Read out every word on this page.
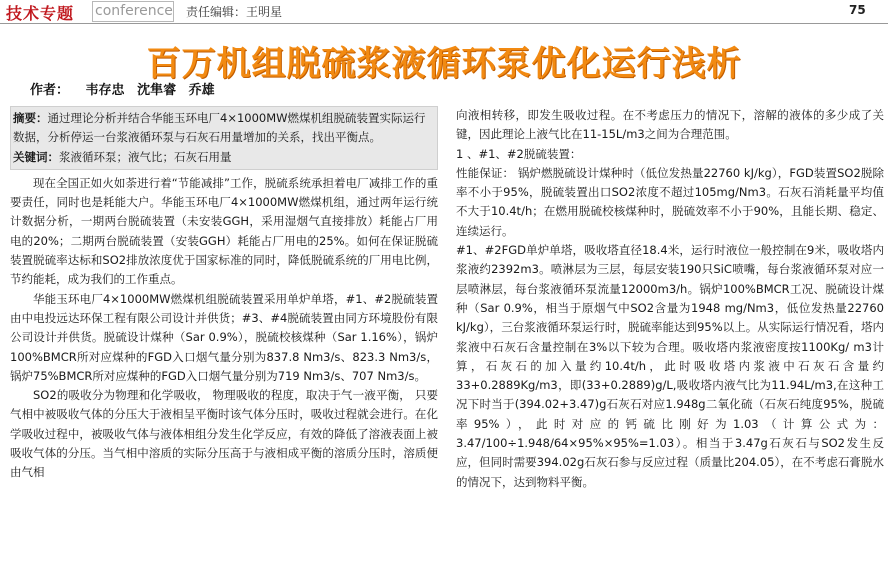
技术专题 conference 责任编辑：王明星	75
百万机组脱硫浆液循环泵优化运行浅析
作者： 韦存忠 沈隼睿 乔雄

摘要：通过理论分析并结合华能玉环电厂4×1000MW燃煤机组脱硫装置实际运行数据，分析停运一台浆液循环泵与石灰石用量增加的关系，找出平衡点。

关键词：浆液循环泵；液气比；石灰石用量

现在全国正如火如荼进行着“节能减排”工作，脱硫系统承担着电厂减排工作的重要责任，同时也是耗能大户。华能玉环电厂4×1000MW燃煤机组，通过两年运行统计数据分析，一期两台脱硫装置（未安装GGH，采用湿烟气直接排放）耗能占厂用电的20%；二期两台脱硫装置（安装GGH）耗能占厂用电的25%。如何在保证脱硫装置脱硫率达标和SO2排放浓度优于国家标准的同时，降低脱硫系统的厂用电比例，节约能耗，成为我们的工作重点。

华能玉环电厂4×1000MW燃煤机组脱硫装置采用单炉单塔，#1、#2脱硫装置由中电投远达环保工程有限公司设计并供货；#3、#4脱硫装置由同方环境股份有限公司设计并供货。脱硫设计煤种（Sar 0.9%），脱硫校核煤种（Sar 1.16%），锅炉100%BMCR所对应煤种的FGD入口烟气量分别为837.8 Nm3/s、823.3 Nm3/s，锅炉75%BMCR所对应煤种的FGD入口烟气量分别为719 Nm3/s、707 Nm3/s。

SO2的吸收分为物理和化学吸收， 物理吸收的程度，取决于气一液平衡， 只要气相中被吸收气体的分压大于液相呈平衡时该气体分压时，吸收过程就会进行。在化学吸收过程中，被吸收气体与液体相组分发生化学反应，有效的降低了溶液表面上被吸收气体的分压。当气相中溶质的实际分压高于与液相成平衡的溶质分压时，溶质便由气相

向液相转移，即发生吸收过程。在不考虑压力的情况下，溶解的液体的多少成了关键，因此理论上液气比在11-15L/m3之间为合理范围。

1 、#1、#2脱硫装置：

性能保证： 锅炉燃脱硫设计煤种时（低位发热量22760 kJ/kg），FGD装置SO2脱除率不小于95%，脱硫装置出口SO2浓度不超过105mg/Nm3。石灰石消耗量平均值不大于10.4t/h；在燃用脱硫校核煤种时，脱硫效率不小于90%，且能长期、稳定、连续运行。

#1、#2FGD单炉单塔，吸收塔直径18.4米，运行时液位一般控制在9米，吸收塔内浆液约2392m3。喷淋层为三层，每层安装190只SiC喷嘴，每台浆液循环泵对应一层喷淋层，每台浆液循环泵流量12000m3/h。锅炉100%BMCR工况、脱硫设计煤种（Sar 0.9%，相当于原烟气中SO2含量为1948 mg/Nm3，低位发热量22760 kJ/kg），三台浆液循环泵运行时，脱硫率能达到95%以上。从实际运行情况看，塔内浆液中石灰石含量控制在3%以下较为合理。吸收塔内浆液密度按1100Kg/ m3计算，石灰石的加入量约10.4t/h，此时吸收塔内浆液中石灰石含量约33+0.2889Kg/m3，即(33+0.2889)g/L,吸收塔内液气比为11.94L/m3,在这种工况下时当于(394.02+3.47)g石灰石对应1.948g二氧化硫（石灰石纯度95%，脱硫率95%），此时对应的钙硫比刚好为1.03（计算公式为：3.47/100÷1.948/64×95%×95%=1.03）。相当于3.47g石灰石与SO2发生反应，但同时需要394.02g石灰石参与反应过程（质量比204.05），在不考虑石膏脱水的情况下，达到物料平衡。
